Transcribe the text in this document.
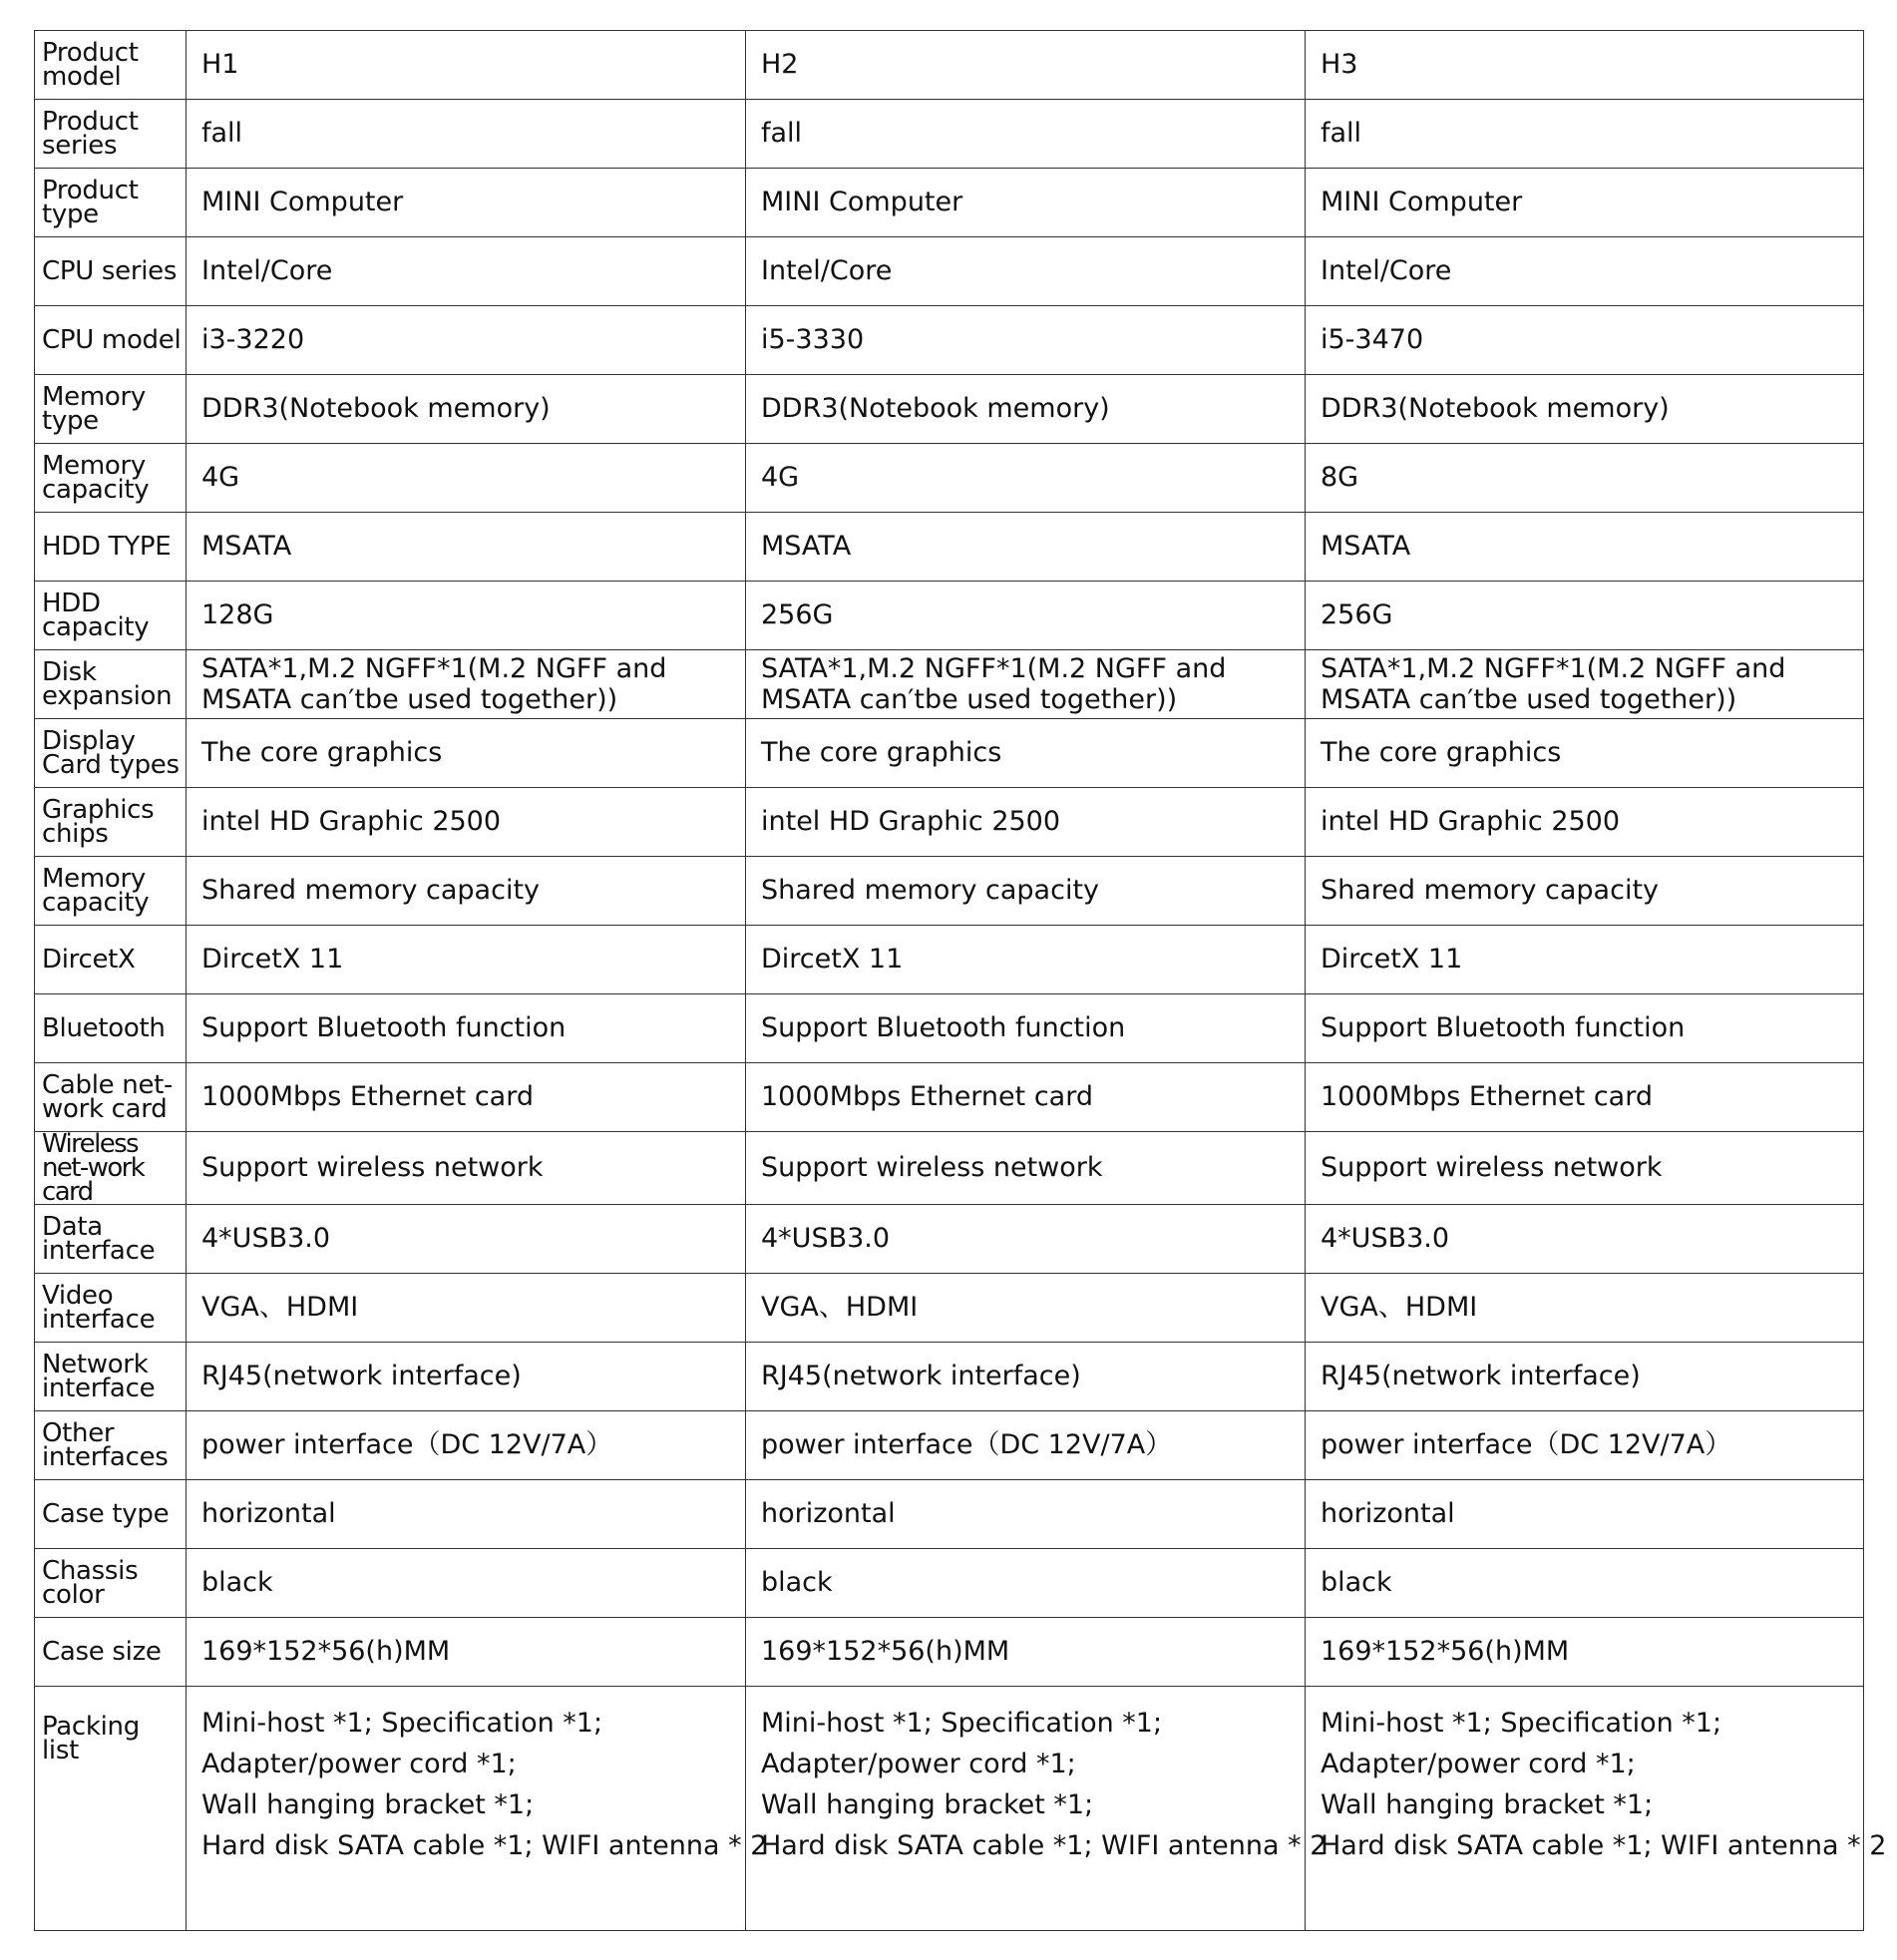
Product model	H1	H2	H3
Product series	fall	fall	fall
Product type	MINI Computer	MINI Computer	MINI Computer
CPU series	Intel/Core	Intel/Core	Intel/Core
CPU model	i3-3220	i5-3330	i5-3470
Memory type	DDR3(Notebook memory)	DDR3(Notebook memory)	DDR3(Notebook memory)
Memory capacity	4G	4G	8G
HDD TYPE	MSATA	MSATA	MSATA
HDD capacity	128G	256G	256G
Disk expansion	SATA*1,M.2 NGFF*1(M.2 NGFF and MSATA can′tbe used together))	SATA*1,M.2 NGFF*1(M.2 NGFF and MSATA can′tbe used together))	SATA*1,M.2 NGFF*1(M.2 NGFF and MSATA can′tbe used together))
Display Card types	The core graphics	The core graphics	The core graphics
Graphics chips	intel HD Graphic 2500	intel HD Graphic 2500	intel HD Graphic 2500
Memory capacity	Shared memory capacity	Shared memory capacity	Shared memory capacity
DircetX	DircetX 11	DircetX 11	DircetX 11
Bluetooth	Support Bluetooth function	Support Bluetooth function	Support Bluetooth function
Cable net-work card	1000Mbps Ethernet card	1000Mbps Ethernet card	1000Mbps Ethernet card
Wireless net-work card	Support wireless network	Support wireless network	Support wireless network
Data interface	4*USB3.0	4*USB3.0	4*USB3.0
Video interface	VGA、HDMI	VGA、HDMI	VGA、HDMI
Network interface	RJ45(network interface)	RJ45(network interface)	RJ45(network interface)
Other interfaces	power interface（DC 12V/7A）	power interface（DC 12V/7A）	power interface（DC 12V/7A）
Case type	horizontal	horizontal	horizontal
Chassis color	black	black	black
Case size	169*152*56(h)MM	169*152*56(h)MM	169*152*56(h)MM
Packing list	Mini-host *1; Specification *1;
Adapter/power cord *1;
Wall hanging bracket *1;
Hard disk SATA cable *1; WIFI antenna * 2	Mini-host *1; Specification *1;
Adapter/power cord *1;
Wall hanging bracket *1;
Hard disk SATA cable *1; WIFI antenna * 2	Mini-host *1; Specification *1;
Adapter/power cord *1;
Wall hanging bracket *1;
Hard disk SATA cable *1; WIFI antenna * 2
